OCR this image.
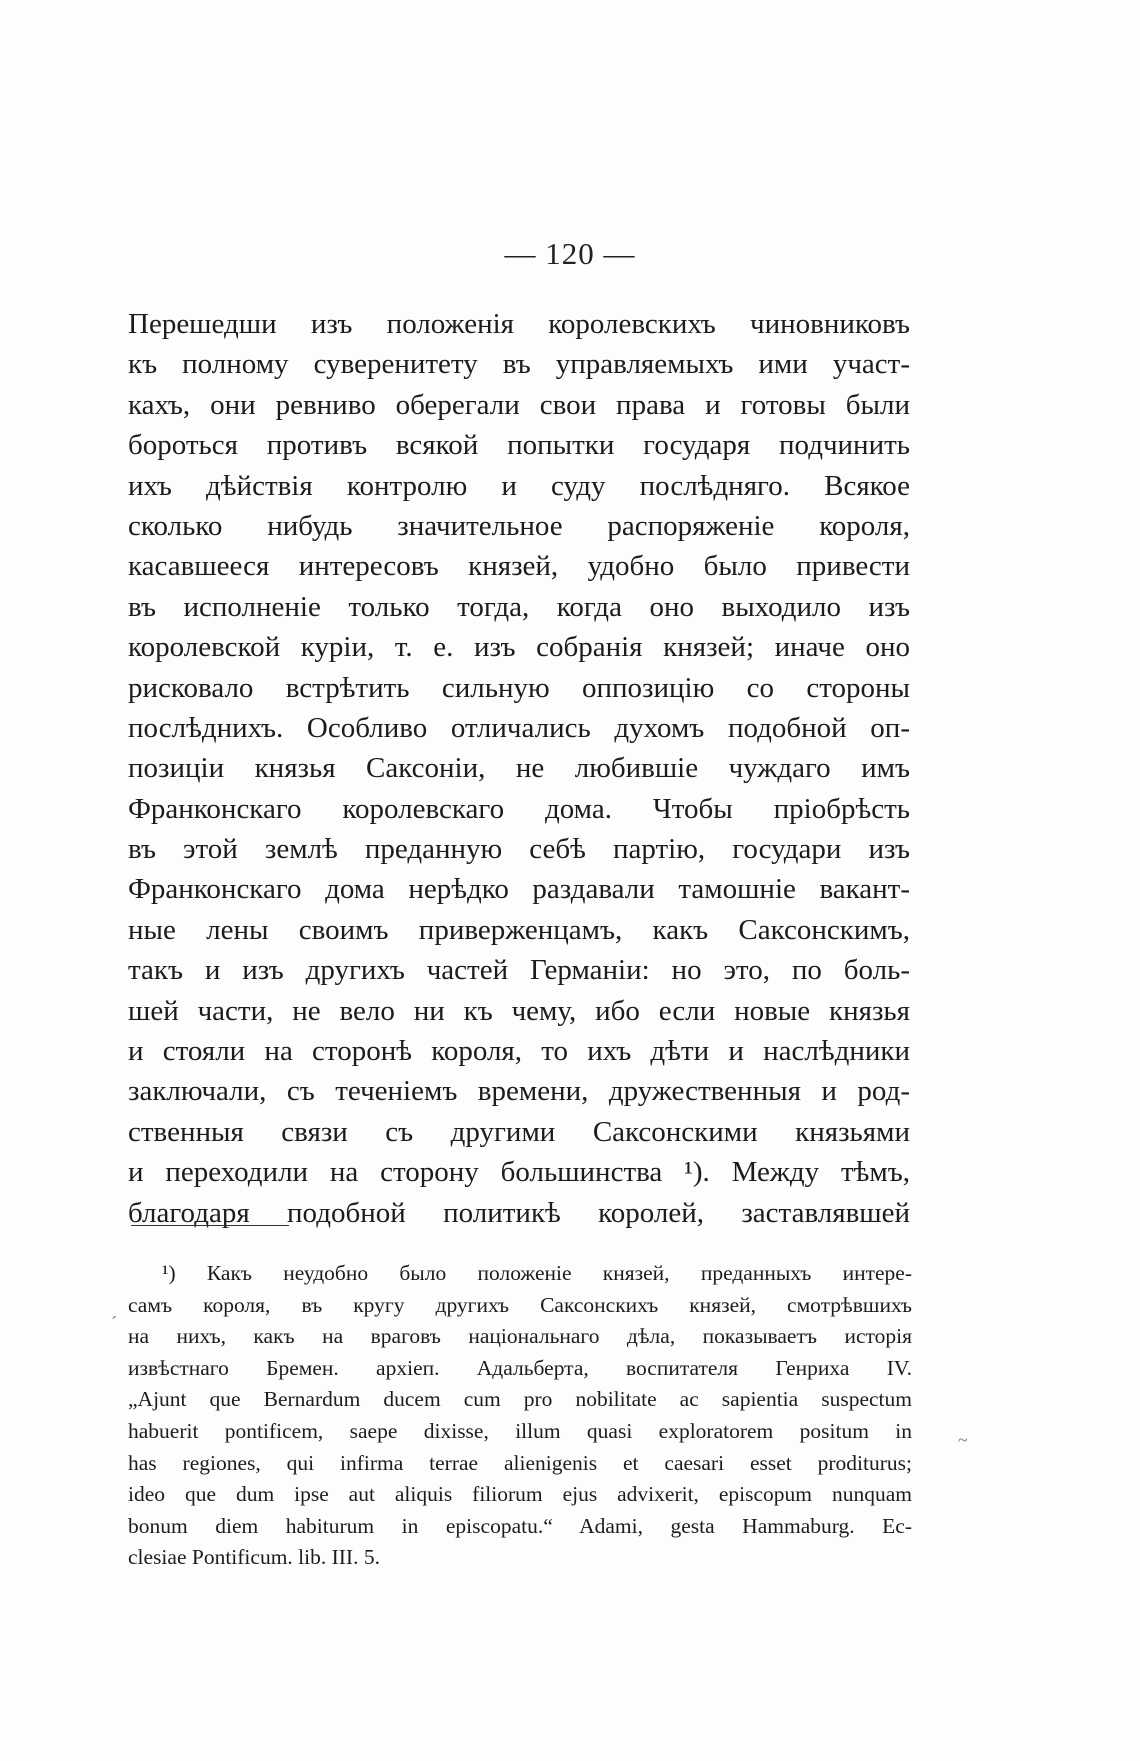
— 120 —
Перешедши изъ положенія королевскихъ чиновниковъ
къ полному суверенитету въ управляемыхъ ими участ-
кахъ, они ревниво оберегали свои права и готовы были
бороться противъ всякой попытки государя подчинить
ихъ дѣйствія контролю и суду послѣдняго. Всякое
сколько нибудь значительное распоряженіе короля,
касавшееся интересовъ князей, удобно было привести
въ исполненіе только тогда, когда оно выходило изъ
королевской куріи, т. е. изъ собранія князей; иначе оно
рисковало встрѣтить сильную оппозицію со стороны
послѣднихъ. Особливо отличались духомъ подобной оп-
позиціи князья Саксоніи, не любившіе чуждаго имъ
Франконскаго королевскаго дома. Чтобы пріобрѣсть
въ этой землѣ преданную себѣ партію, государи изъ
Франконскаго дома нерѣдко раздавали тамошніе вакант-
ные лены своимъ приверженцамъ, какъ Саксонскимъ,
такъ и изъ другихъ частей Германіи: но это, по боль-
шей части, не вело ни къ чему, ибо если новые князья
и стояли на сторонѣ короля, то ихъ дѣти и наслѣдники
заключали, съ теченіемъ времени, дружественныя и род-
ственныя связи съ другими Саксонскими князьями
и переходили на сторону большинства ¹). Между тѣмъ,
благодаря подобной политикѣ королей, заставлявшей
¹) Какъ неудобно было положеніе князей, преданныхъ интере-
самъ короля, въ кругу другихъ Саксонскихъ князей, смотрѣвшихъ
на нихъ, какъ на враговъ національнаго дѣла, показываетъ исторія
извѣстнаго Бремен. архіеп. Адальберта, воспитателя Генриха IV.
„Ajunt que Bernardum ducem cum pro nobilitate ac sapientia suspectum
habuerit pontificem, saepe dixisse, illum quasi exploratorem positum in
has regiones, qui infirma terrae alienigenis et caesari esset proditurus;
ideo que dum ipse aut aliquis filiorum ejus advixerit, episcopum nunquam
bonum diem habiturum in episcopatu.“ Adami, gesta Hammaburg. Ec-
clesiae Pontificum. lib. III. 5.
´
~
